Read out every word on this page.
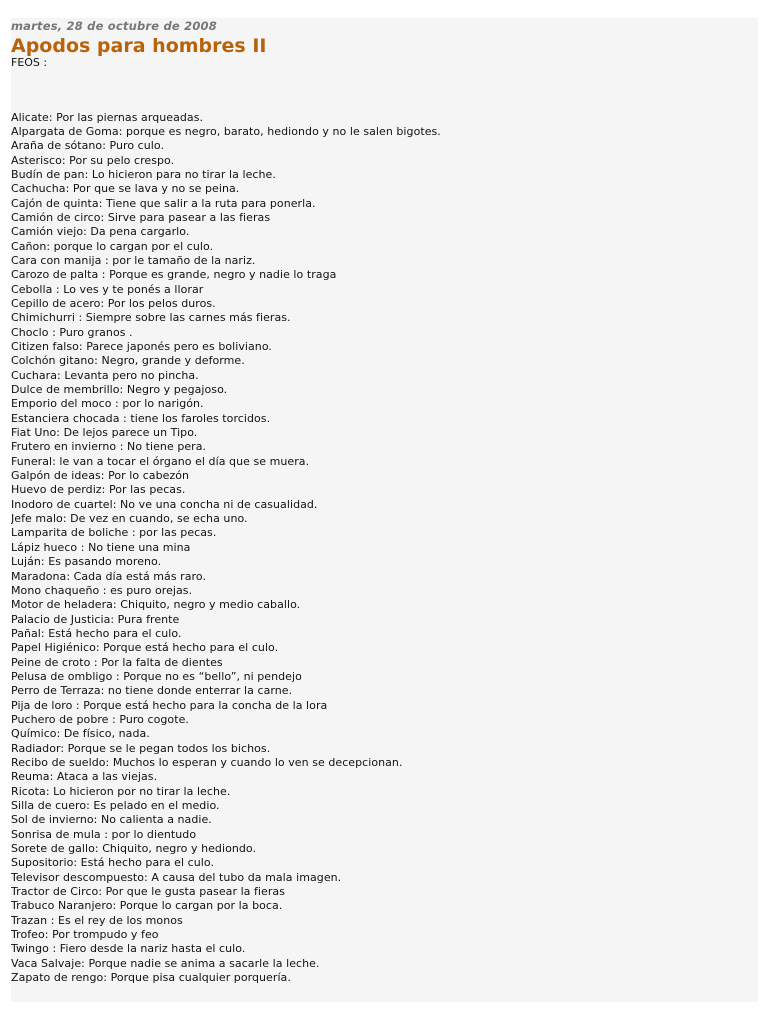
martes, 28 de octubre de 2008
Apodos para hombres II
FEOS :
Alicate: Por las piernas arqueadas.
Alpargata de Goma: porque es negro, barato, hediondo y no le salen bigotes.
Araña de sótano: Puro culo.
Asterisco: Por su pelo crespo.
Budín de pan: Lo hicieron para no tirar la leche.
Cachucha: Por que se lava y no se peina.
Cajón de quinta: Tiene que salir a la ruta para ponerla.
Camión de circo: Sirve para pasear a las fieras
Camión viejo: Da pena cargarlo.
Cañon: porque lo cargan por el culo.
Cara con manija : por le tamaño de la nariz.
Carozo de palta : Porque es grande, negro y nadie lo traga
Cebolla : Lo ves y te ponés a llorar
Cepillo de acero: Por los pelos duros.
Chimichurri : Siempre sobre las carnes más fieras.
Choclo : Puro granos .
Citizen falso: Parece japonés pero es boliviano.
Colchón gitano: Negro, grande y deforme.
Cuchara: Levanta pero no pincha.
Dulce de membrillo: Negro y pegajoso.
Emporio del moco : por lo narigón.
Estanciera chocada : tiene los faroles torcidos.
Fiat Uno: De lejos parece un Tipo.
Frutero en invierno : No tiene pera.
Funeral: le van a tocar el órgano el día que se muera.
Galpón de ideas: Por lo cabezón
Huevo de perdiz: Por las pecas.
Inodoro de cuartel: No ve una concha ni de casualidad.
Jefe malo: De vez en cuando, se echa uno.
Lamparita de boliche : por las pecas.
Lápiz hueco : No tiene una mina
Luján: Es pasando moreno.
Maradona: Cada día está más raro.
Mono chaqueño : es puro orejas.
Motor de heladera: Chiquito, negro y medio caballo.
Palacio de Justicia: Pura frente
Pañal: Está hecho para el culo.
Papel Higiénico: Porque está hecho para el culo.
Peine de croto : Por la falta de dientes
Pelusa de ombligo : Porque no es “bello”, ni pendejo
Perro de Terraza: no tiene donde enterrar la carne.
Pija de loro : Porque está hecho para la concha de la lora
Puchero de pobre : Puro cogote.
Químico: De físico, nada.
Radiador: Porque se le pegan todos los bichos.
Recibo de sueldo: Muchos lo esperan y cuando lo ven se decepcionan.
Reuma: Ataca a las viejas.
Ricota: Lo hicieron por no tirar la leche.
Silla de cuero: Es pelado en el medio.
Sol de invierno: No calienta a nadie.
Sonrisa de mula : por lo dientudo
Sorete de gallo: Chiquito, negro y hediondo.
Supositorio: Está hecho para el culo.
Televisor descompuesto: A causa del tubo da mala imagen.
Tractor de Circo: Por que le gusta pasear la fieras
Trabuco Naranjero: Porque lo cargan por la boca.
Trazan : Es el rey de los monos
Trofeo: Por trompudo y feo
Twingo : Fiero desde la nariz hasta el culo.
Vaca Salvaje: Porque nadie se anima a sacarle la leche.
Zapato de rengo: Porque pisa cualquier porquería.
